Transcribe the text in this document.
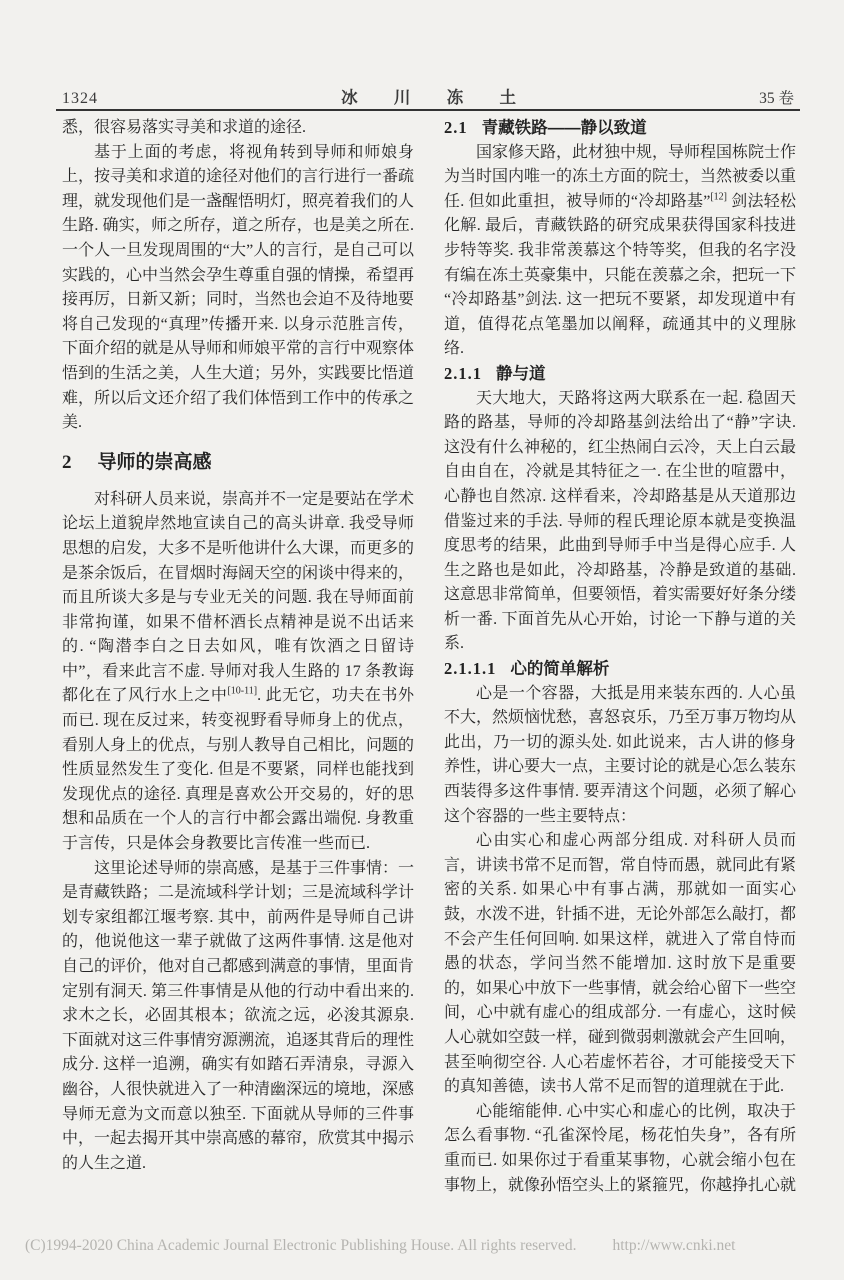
1324	冰川冻土	35 卷

悉，很容易落实寻美和求道的途径.

基于上面的考虑，将视角转到导师和师娘身上，按寻美和求道的途径对他们的言行进行一番疏理，就发现他们是一盏醒悟明灯，照亮着我们的人生路. 确实，师之所存，道之所存，也是美之所在. 一个人一旦发现周围的“大”人的言行，是自己可以实践的，心中当然会孕生尊重自强的情操，希望再接再厉，日新又新；同时，当然也会迫不及待地要将自己发现的“真理”传播开来. 以身示范胜言传，下面介绍的就是从导师和师娘平常的言行中观察体悟到的生活之美，人生大道；另外，实践要比悟道难，所以后文还介绍了我们体悟到工作中的传承之美.

2 导师的崇高感

对科研人员来说，崇高并不一定是要站在学术论坛上道貌岸然地宣读自己的高头讲章. 我受导师思想的启发，大多不是听他讲什么大课，而更多的是茶余饭后，在冒烟时海阔天空的闲谈中得来的，而且所谈大多是与专业无关的问题. 我在导师面前非常拘谨，如果不借杯酒长点精神是说不出话来的. “陶潜李白之日去如风，唯有饮酒之日留诗中”，看来此言不虚. 导师对我人生路的 17 条教诲都化在了风行水上之中[10-11]. 此无它，功夫在书外而已. 现在反过来，转变视野看导师身上的优点，看别人身上的优点，与别人教导自己相比，问题的性质显然发生了变化. 但是不要紧，同样也能找到发现优点的途径. 真理是喜欢公开交易的，好的思想和品质在一个人的言行中都会露出端倪. 身教重于言传，只是体会身教要比言传准一些而已.

这里论述导师的崇高感，是基于三件事情：一是青藏铁路；二是流域科学计划；三是流域科学计划专家组都江堰考察. 其中，前两件是导师自己讲的，他说他这一辈子就做了这两件事情. 这是他对自己的评价，他对自己都感到满意的事情，里面肯定别有洞天. 第三件事情是从他的行动中看出来的. 求木之长，必固其根本；欲流之远，必浚其源泉. 下面就对这三件事情穷源溯流，追逐其背后的理性成分. 这样一追溯，确实有如踏石弄清泉，寻源入幽谷，人很快就进入了一种清幽深远的境地，深感导师无意为文而意以独至. 下面就从导师的三件事中，一起去揭开其中崇高感的幕帘，欣赏其中揭示的人生之道.

2.1 青藏铁路——静以致道

国家修天路，此材独中规，导师程国栋院士作为当时国内唯一的冻土方面的院士，当然被委以重任. 但如此重担，被导师的“冷却路基”[12] 剑法轻松化解. 最后，青藏铁路的研究成果获得国家科技进步特等奖. 我非常羡慕这个特等奖，但我的名字没有编在冻土英豪集中，只能在羡慕之余，把玩一下“冷却路基”剑法. 这一把玩不要紧，却发现道中有道，值得花点笔墨加以阐释，疏通其中的义理脉络.

2.1.1 静与道

天大地大，天路将这两大联系在一起. 稳固天路的路基，导师的冷却路基剑法给出了“静”字诀. 这没有什么神秘的，红尘热闹白云冷，天上白云最自由自在，冷就是其特征之一. 在尘世的喧嚣中，心静也自然凉. 这样看来，冷却路基是从天道那边借鉴过来的手法. 导师的程氏理论原本就是变换温度思考的结果，此曲到导师手中当是得心应手. 人生之路也是如此，冷却路基，冷静是致道的基础. 这意思非常简单，但要领悟，着实需要好好条分缕析一番. 下面首先从心开始，讨论一下静与道的关系.

2.1.1.1 心的简单解析

心是一个容器，大抵是用来装东西的. 人心虽不大，然烦恼忧愁，喜怒哀乐，乃至万事万物均从此出，乃一切的源头处. 如此说来，古人讲的修身养性，讲心要大一点，主要讨论的就是心怎么装东西装得多这件事情. 要弄清这个问题，必须了解心这个容器的一些主要特点：

心由实心和虚心两部分组成. 对科研人员而言，讲读书常不足而智，常自恃而愚，就同此有紧密的关系. 如果心中有事占满，那就如一面实心鼓，水泼不进，针插不进，无论外部怎么敲打，都不会产生任何回响. 如果这样，就进入了常自恃而愚的状态，学问当然不能增加. 这时放下是重要的，如果心中放下一些事情，就会给心留下一些空间，心中就有虚心的组成部分. 一有虚心，这时候人心就如空鼓一样，碰到微弱刺激就会产生回响，甚至响彻空谷. 人心若虚怀若谷，才可能接受天下的真知善德，读书人常不足而智的道理就在于此.

心能缩能伸. 心中实心和虚心的比例，取决于怎么看事物. “孔雀深怜尾，杨花怕失身”，各有所重而已. 如果你过于看重某事物，心就会缩小包在事物上，就像孙悟空头上的紧箍咒，你越挣扎心就

(C)1994-2020 China Academic Journal Electronic Publishing House. All rights reserved. http://www.cnki.net
